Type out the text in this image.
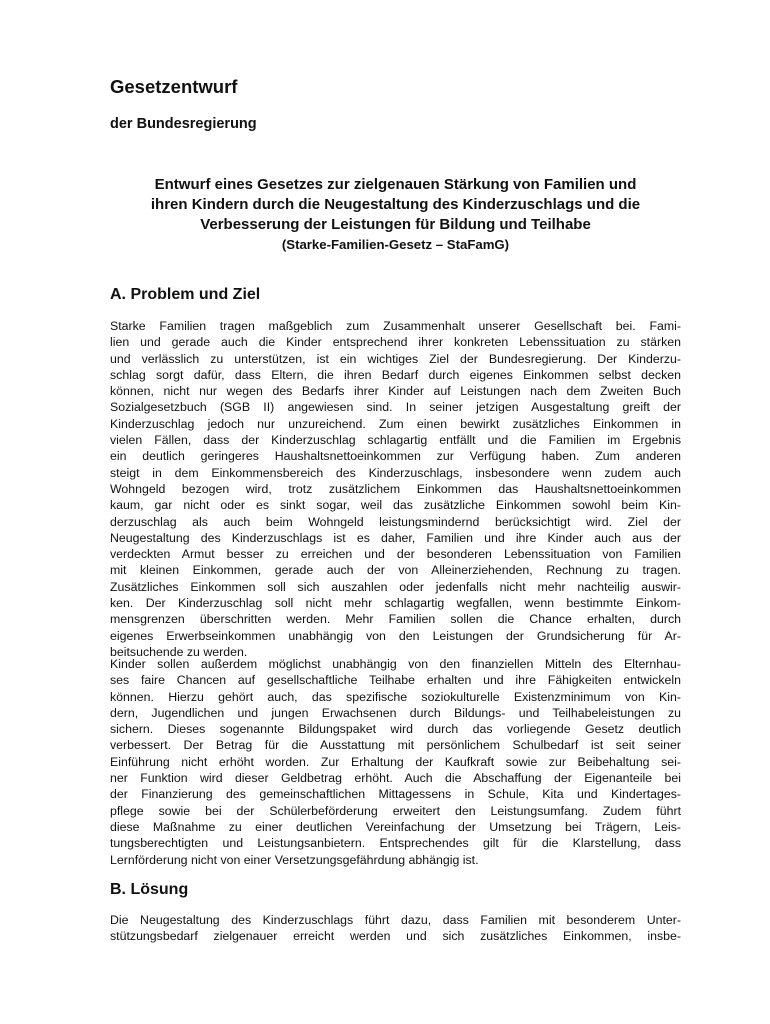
Gesetzentwurf
der Bundesregierung
Entwurf eines Gesetzes zur zielgenauen Stärkung von Familien und
ihren Kindern durch die Neugestaltung des Kinderzuschlags und die
Verbesserung der Leistungen für Bildung und Teilhabe

(Starke-Familien-Gesetz – StaFamG)

A. Problem und Ziel
Starke Familien tragen maßgeblich zum Zusammenhalt unserer Gesellschaft bei. Fami-
lien und gerade auch die Kinder entsprechend ihrer konkreten Lebenssituation zu stärken
und verlässlich zu unterstützen, ist ein wichtiges Ziel der Bundesregierung. Der Kinderzu-
schlag sorgt dafür, dass Eltern, die ihren Bedarf durch eigenes Einkommen selbst decken
können, nicht nur wegen des Bedarfs ihrer Kinder auf Leistungen nach dem Zweiten Buch
Sozialgesetzbuch (SGB II) angewiesen sind. In seiner jetzigen Ausgestaltung greift der
Kinderzuschlag jedoch nur unzureichend. Zum einen bewirkt zusätzliches Einkommen in
vielen Fällen, dass der Kinderzuschlag schlagartig entfällt und die Familien im Ergebnis
ein deutlich geringeres Haushaltsnettoeinkommen zur Verfügung haben. Zum anderen
steigt in dem Einkommensbereich des Kinderzuschlags, insbesondere wenn zudem auch
Wohngeld bezogen wird, trotz zusätzlichem Einkommen das Haushaltsnettoeinkommen
kaum, gar nicht oder es sinkt sogar, weil das zusätzliche Einkommen sowohl beim Kin-
derzuschlag als auch beim Wohngeld leistungsmindernd berücksichtigt wird. Ziel der
Neugestaltung des Kinderzuschlags ist es daher, Familien und ihre Kinder auch aus der
verdeckten Armut besser zu erreichen und der besonderen Lebenssituation von Familien
mit kleinen Einkommen, gerade auch der von Alleinerziehenden, Rechnung zu tragen.
Zusätzliches Einkommen soll sich auszahlen oder jedenfalls nicht mehr nachteilig auswir-
ken. Der Kinderzuschlag soll nicht mehr schlagartig wegfallen, wenn bestimmte Einkom-
mensgrenzen überschritten werden. Mehr Familien sollen die Chance erhalten, durch
eigenes Erwerbseinkommen unabhängig von den Leistungen der Grundsicherung für Ar-
beitsuchende zu werden.
Kinder sollen außerdem möglichst unabhängig von den finanziellen Mitteln des Elternhau-
ses faire Chancen auf gesellschaftliche Teilhabe erhalten und ihre Fähigkeiten entwickeln
können. Hierzu gehört auch, das spezifische soziokulturelle Existenzminimum von Kin-
dern, Jugendlichen und jungen Erwachsenen durch Bildungs- und Teilhabeleistungen zu
sichern. Dieses sogenannte Bildungspaket wird durch das vorliegende Gesetz deutlich
verbessert. Der Betrag für die Ausstattung mit persönlichem Schulbedarf ist seit seiner
Einführung nicht erhöht worden. Zur Erhaltung der Kaufkraft sowie zur Beibehaltung sei-
ner Funktion wird dieser Geldbetrag erhöht. Auch die Abschaffung der Eigenanteile bei
der Finanzierung des gemeinschaftlichen Mittagessens in Schule, Kita und Kindertages-
pflege sowie bei der Schülerbeförderung erweitert den Leistungsumfang. Zudem führt
diese Maßnahme zu einer deutlichen Vereinfachung der Umsetzung bei Trägern, Leis-
tungsberechtigten und Leistungsanbietern. Entsprechendes gilt für die Klarstellung, dass
Lernförderung nicht von einer Versetzungsgefährdung abhängig ist.
B. Lösung
Die Neugestaltung des Kinderzuschlags führt dazu, dass Familien mit besonderem Unter-
stützungsbedarf zielgenauer erreicht werden und sich zusätzliches Einkommen, insbe-
